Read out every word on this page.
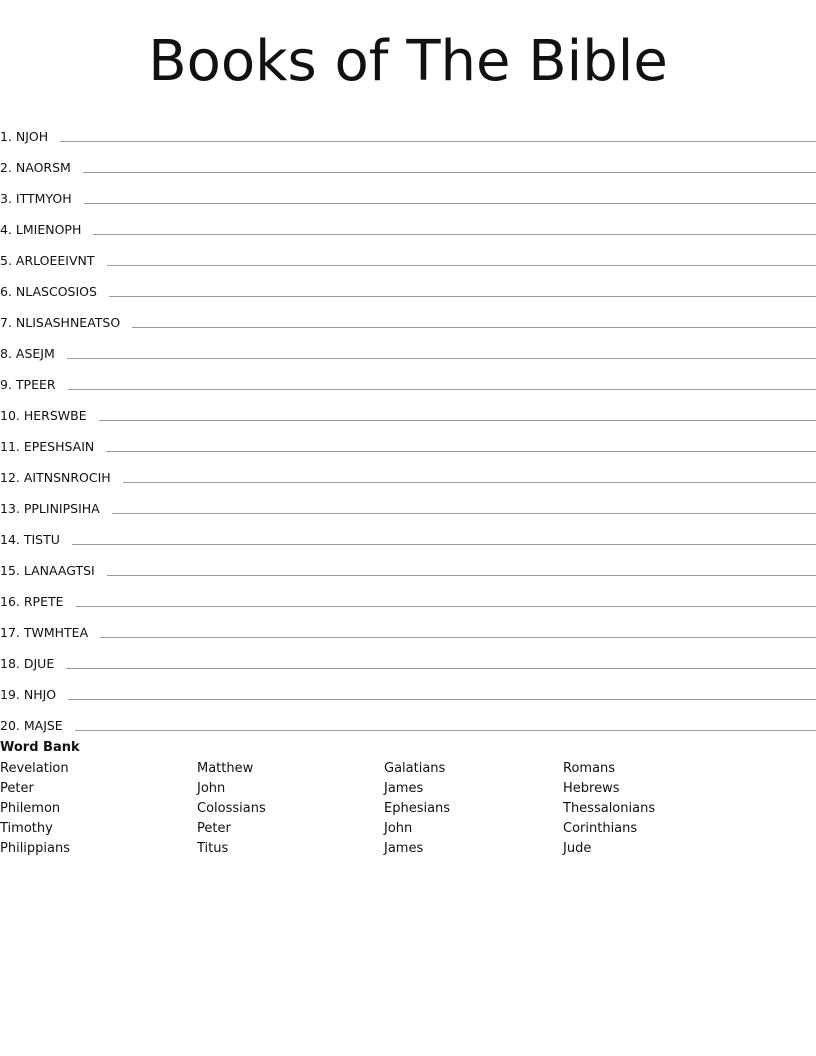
Books of The Bible
1. NJOH
2. NAORSM
3. ITTMYOH
4. LMIENOPH
5. ARLOEEIVNT
6. NLASCOSIOS
7. NLISASHNEATSO
8. ASEJM
9. TPEER
10. HERSWBE
11. EPESHSAIN
12. AITNSNROCIH
13. PPLINIPSIHA
14. TISTU
15. LANAAGTSI
16. RPETE
17. TWMHTEA
18. DJUE
19. NHJO
20. MAJSE
Word Bank
Revelation
Peter
Philemon
Timothy
Philippians
Matthew
John
Colossians
Peter
Titus
Galatians
James
Ephesians
John
James
Romans
Hebrews
Thessalonians
Corinthians
Jude
